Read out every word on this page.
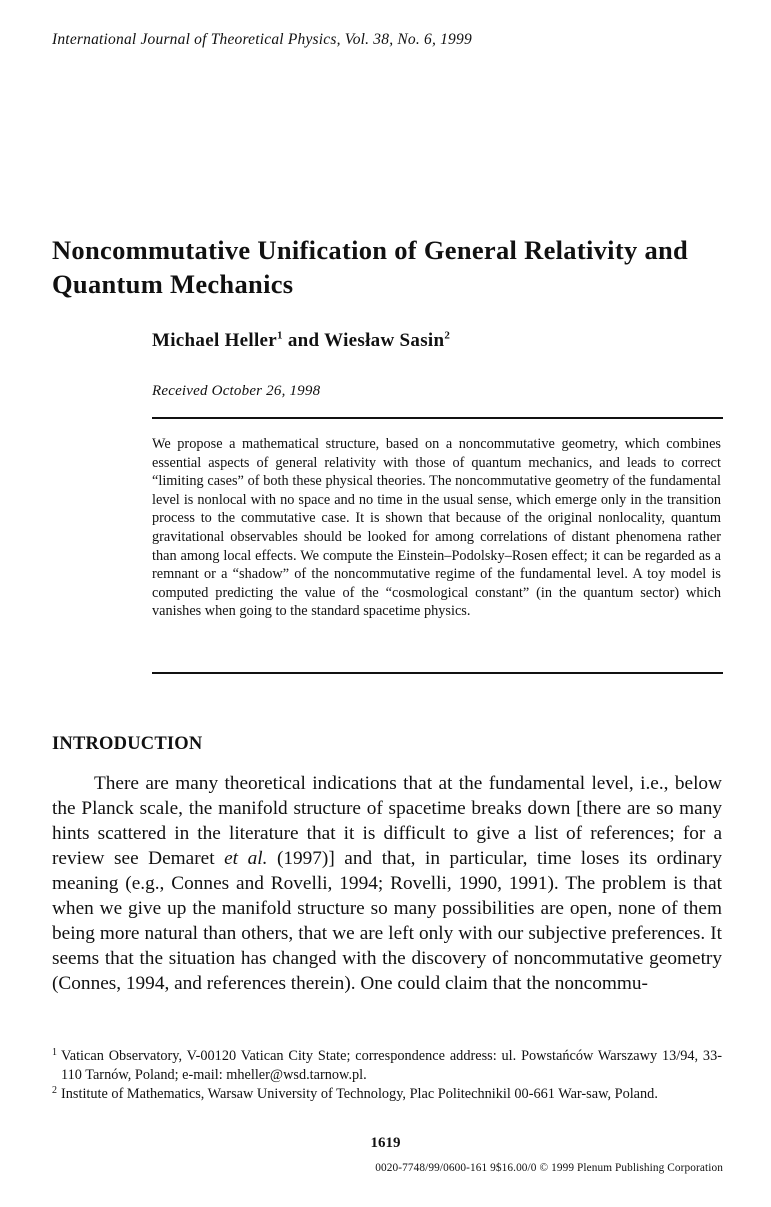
International Journal of Theoretical Physics, Vol. 38, No. 6, 1999
Noncommutative Unification of General Relativity and Quantum Mechanics
Michael Heller$^1$ and Wiesław Sasin$^2$
Received October 26, 1998
We propose a mathematical structure, based on a noncommutative geometry, which combines essential aspects of general relativity with those of quantum mechanics, and leads to correct “limiting cases” of both these physical theories. The noncommutative geometry of the fundamental level is nonlocal with no space and no time in the usual sense, which emerge only in the transition process to the commutative case. It is shown that because of the original nonlocality, quantum gravitational observables should be looked for among correlations of distant phenomena rather than among local effects. We compute the Einstein–Podolsky–Rosen effect; it can be regarded as a remnant or a “shadow” of the noncommutative regime of the fundamental level. A toy model is computed predicting the value of the “cosmological constant” (in the quantum sector) which vanishes when going to the standard spacetime physics.
INTRODUCTION
There are many theoretical indications that at the fundamental level, i.e., below the Planck scale, the manifold structure of spacetime breaks down [there are so many hints scattered in the literature that it is difficult to give a list of references; for a review see Demaret et al. (1997)] and that, in particular, time loses its ordinary meaning (e.g., Connes and Rovelli, 1994; Rovelli, 1990, 1991). The problem is that when we give up the manifold structure so many possibilities are open, none of them being more natural than others, that we are left only with our subjective preferences. It seems that the situation has changed with the discovery of noncommutative geometry (Connes, 1994, and references therein). One could claim that the noncommu-
1 Vatican Observatory, V-00120 Vatican City State; correspondence address: ul. Powstańców Warszawy 13/94, 33-110 Tarnów, Poland; e-mail: mheller@wsd.tarnow.pl.
2 Institute of Mathematics, Warsaw University of Technology, Plac Politechnikil 00-661 War-saw, Poland.
1619
0020-7748/99/0600-161 9$16.00/0 © 1999 Plenum Publishing Corporation
